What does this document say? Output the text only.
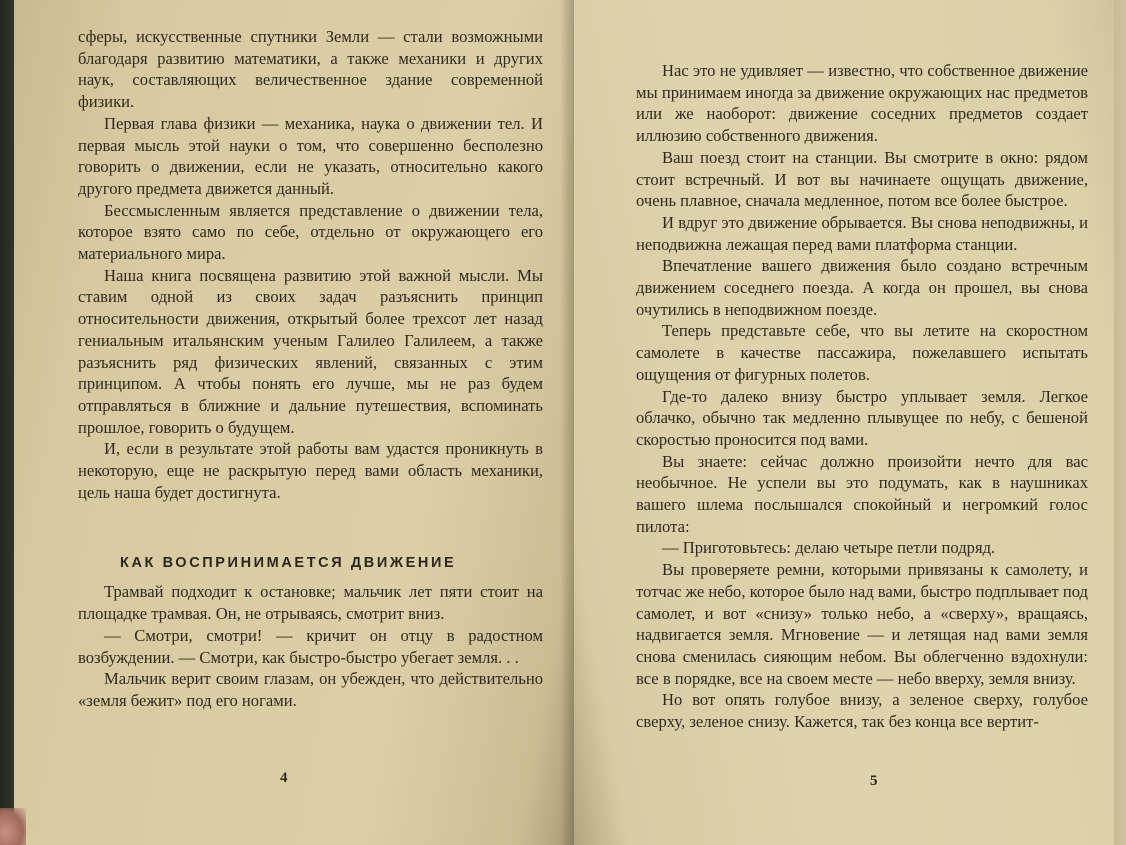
сферы, искусственные спутники Земли — стали возможными благодаря развитию математики, а также механики и других наук, составляющих величественное здание современной физики.

Первая глава физики — механика, наука о движении тел. И первая мысль этой науки о том, что совершенно бесполезно говорить о движении, если не указать, относительно какого другого предмета движется данный.

Бессмысленным является представление о движении тела, которое взято само по себе, отдельно от окружающего его материального мира.

Наша книга посвящена развитию этой важной мысли. Мы ставим одной из своих задач разъяснить принцип относительности движения, открытый более трехсот лет назад гениальным итальянским ученым Галилео Галилеем, а также разъяснить ряд физических явлений, связанных с этим принципом. А чтобы понять его лучше, мы не раз будем отправляться в ближние и дальние путешествия, вспоминать прошлое, говорить о будущем.

И, если в результате этой работы вам удастся проникнуть в некоторую, еще не раскрытую перед вами область механики, цель наша будет достигнута.

КАК ВОСПРИНИМАЕТСЯ ДВИЖЕНИЕ

Трамвай подходит к остановке; мальчик лет пяти стоит на площадке трамвая. Он, не отрываясь, смотрит вниз.

— Смотри, смотри! — кричит он отцу в радостном возбуждении. — Смотри, как быстро-быстро убегает земля. . .

Мальчик верит своим глазам, он убежден, что действительно «земля бежит» под его ногами.

4

Нас это не удивляет — известно, что собственное движение мы принимаем иногда за движение окружающих нас предметов или же наоборот: движение соседних предметов создает иллюзию собственного движения.

Ваш поезд стоит на станции. Вы смотрите в окно: рядом стоит встречный. И вот вы начинаете ощущать движение, очень плавное, сначала медленное, потом все более быстрое.

И вдруг это движение обрывается. Вы снова неподвижны, и неподвижна лежащая перед вами платформа станции.

Впечатление вашего движения было создано встречным движением соседнего поезда. А когда он прошел, вы снова очутились в неподвижном поезде.

Теперь представьте себе, что вы летите на скоростном самолете в качестве пассажира, пожелавшего испытать ощущения от фигурных полетов.

Где-то далеко внизу быстро уплывает земля. Легкое облачко, обычно так медленно плывущее по небу, с бешеной скоростью проносится под вами.

Вы знаете: сейчас должно произойти нечто для вас необычное. Не успели вы это подумать, как в наушниках вашего шлема послышался спокойный и негромкий голос пилота:

— Приготовьтесь: делаю четыре петли подряд.

Вы проверяете ремни, которыми привязаны к самолету, и тотчас же небо, которое было над вами, быстро подплывает под самолет, и вот «снизу» только небо, а «сверху», вращаясь, надвигается земля. Мгновение — и летящая над вами земля снова сменилась сияющим небом. Вы облегченно вздохнули: все в порядке, все на своем месте — небо вверху, земля внизу.

Но вот опять голубое внизу, а зеленое сверху, голубое сверху, зеленое снизу. Кажется, так без конца все вертит-

5
